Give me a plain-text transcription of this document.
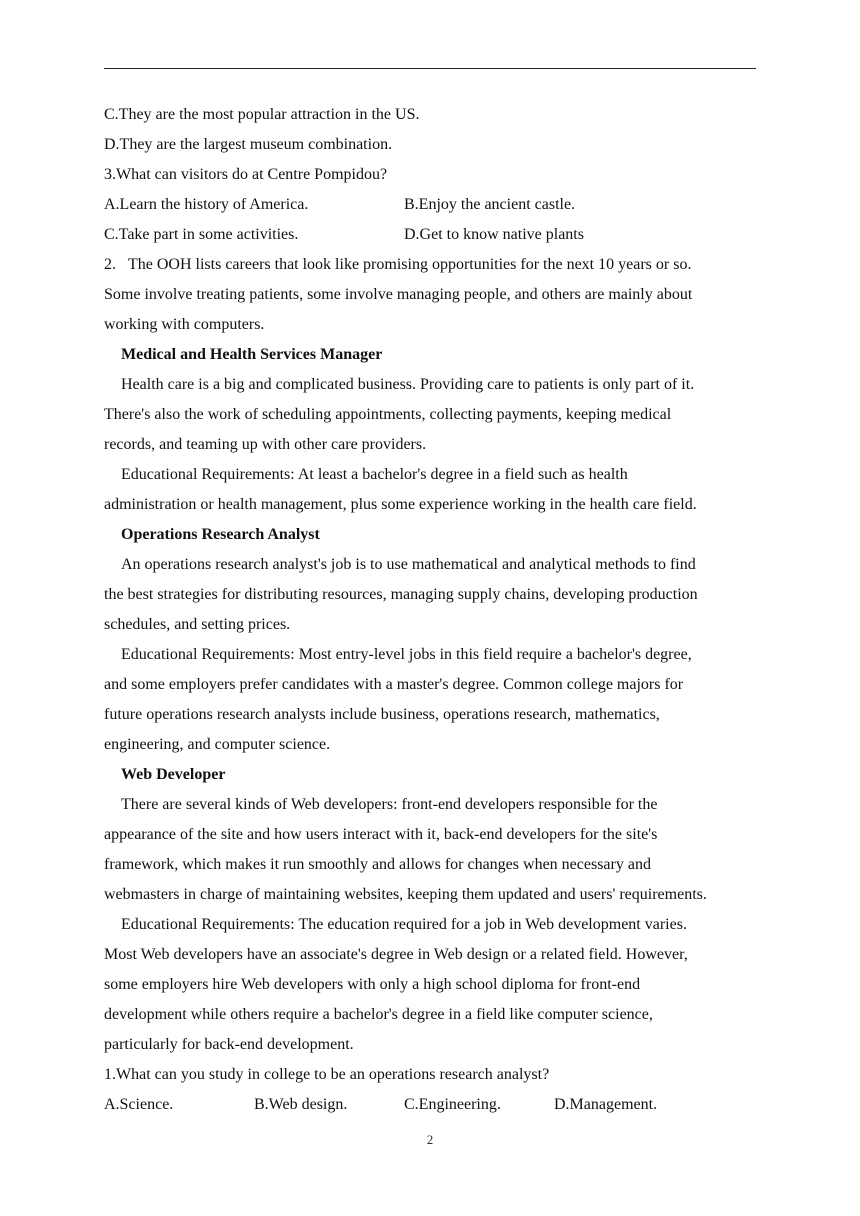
C.They are the most popular attraction in the US.
D.They are the largest museum combination.
3.What can visitors do at Centre Pompidou?
A.Learn the history of America.	B.Enjoy the ancient castle.
C.Take part in some activities.	D.Get to know native plants
2.   The OOH lists careers that look like promising opportunities for the next 10 years or so.
Some involve treating patients, some involve managing people, and others are mainly about
working with computers.
Medical and Health Services Manager
Health care is a big and complicated business. Providing care to patients is only part of it.
There's also the work of scheduling appointments, collecting payments, keeping medical
records, and teaming up with other care providers.
Educational Requirements: At least a bachelor's degree in a field such as health
administration or health management, plus some experience working in the health care field.
Operations Research Analyst
An operations research analyst's job is to use mathematical and analytical methods to find
the best strategies for distributing resources, managing supply chains, developing production
schedules, and setting prices.
Educational Requirements: Most entry-level jobs in this field require a bachelor's degree,
and some employers prefer candidates with a master's degree. Common college majors for
future operations research analysts include business, operations research, mathematics,
engineering, and computer science.
Web Developer
There are several kinds of Web developers: front-end developers responsible for the
appearance of the site and how users interact with it, back-end developers for the site's
framework, which makes it run smoothly and allows for changes when necessary and
webmasters in charge of maintaining websites, keeping them updated and users' requirements.
Educational Requirements: The education required for a job in Web development varies.
Most Web developers have an associate's degree in Web design or a related field. However,
some employers hire Web developers with only a high school diploma for front-end
development while others require a bachelor's degree in a field like computer science,
particularly for back-end development.
1.What can you study in college to be an operations research analyst?
A.Science.	B.Web design.	C.Engineering.	D.Management.
2
